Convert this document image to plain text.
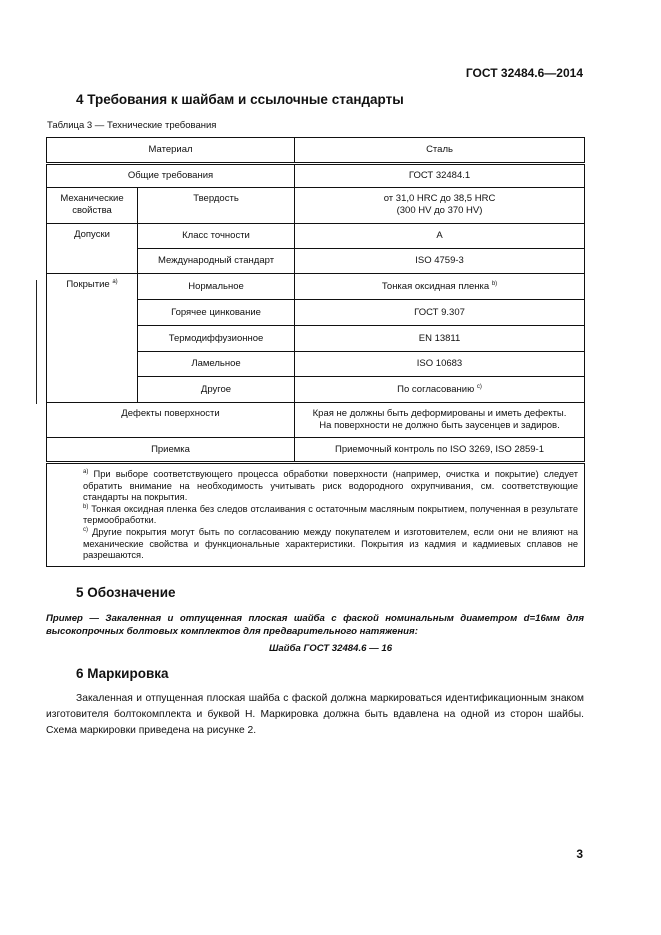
ГОСТ 32484.6—2014
4 Требования к шайбам и ссылочные стандарты
Таблица 3 — Технические требования
Материал		Сталь
Общие требования		ГОСТ 32484.1
Механические свойства	Твердость	от 31,0 HRC до 38,5 HRC
(300 HV до 370 HV)

Допуски	Класс точности	A
	Международный стандарт	ISO 4759-3
Покрытие $^{a)}$	Нормальное	Тонкая оксидная пленка $^{b)}$
	Горячее цинкование	ГОСТ 9.307
	Термодиффузионное	EN 13811
	Ламельное	ISO 10683
	Другое	По согласованию $^{c)}$
Дефекты поверхности		Края не должны быть деформированы и иметь дефекты.
На поверхности не должно быть заусенцев и задиров.

Приемка		Приемочный контроль по ISO 3269, ISO 2859-1

$^{a)}$ При выборе соответствующего процесса обработки поверхности (например, очистка и покрытие) следует обратить внимание на необходимость учитывать риск водородного охрупчивания, см. соответствующие стандарты на покрытия.
$^{b)}$ Тонкая оксидная пленка без следов отслаивания с остаточным масляным покрытием, полученная в результате термообработки.
$^{c)}$ Другие покрытия могут быть по согласованию между покупателем и изготовителем, если они не влияют на механические свойства и функциональные характеристики. Покрытия из кадмия и кадмиевых сплавов не разрешаются.		
5 Обозначение
Пример — Закаленная и отпущенная плоская шайба с фаской номинальным диаметром d=16мм для высокопрочных болтовых комплектов для предварительного натяжения:
Шайба ГОСТ 32484.6 — 16
6 Маркировка
Закаленная и отпущенная плоская шайба с фаской должна маркироваться идентификационным знаком изготовителя болтокомплекта и буквой Н. Маркировка должна быть вдавлена на одной из сторон шайбы. Схема маркировки приведена на рисунке 2.
3
